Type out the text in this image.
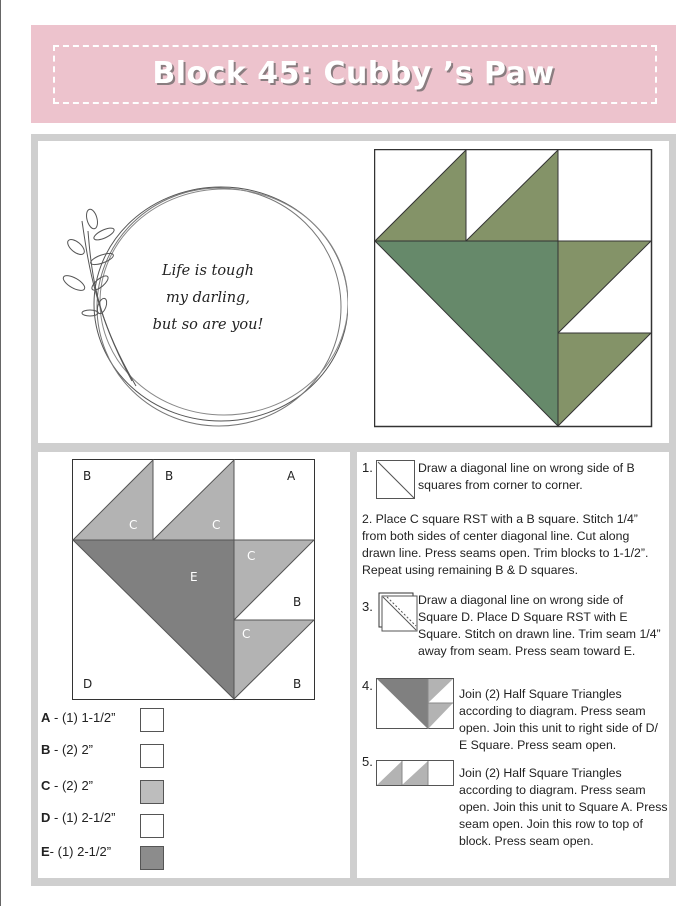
Block 45: Cubby ’s Paw
Life is tough
my darling,
but so are you!
B	B	A
C	C
C
E
B
C
D	B
A - (1) 1-1/2”
B - (2) 2”
C - (2) 2”
D - (1) 2-1/2”
E- (1) 2-1/2”
1.	Draw a diagonal line on wrong side of B squares from corner to corner.
2. Place C square RST with a B square. Stitch 1/4” from both sides of center diagonal line. Cut along drawn line. Press seams open. Trim blocks to 1-1/2”. Repeat using remaining B & D squares.
3.	Draw a diagonal line on wrong side of Square D. Place D Square RST with E Square. Stitch on drawn line. Trim seam 1/4” away from seam. Press seam toward E.
4.
Join (2) Half Square Triangles according to diagram. Press seam open. Join this unit to right side of D/ E Square. Press seam open.
5.
Join (2) Half Square Triangles according to diagram. Press seam open. Join this unit to Square A. Press seam open. Join this row to top of block. Press seam open.
